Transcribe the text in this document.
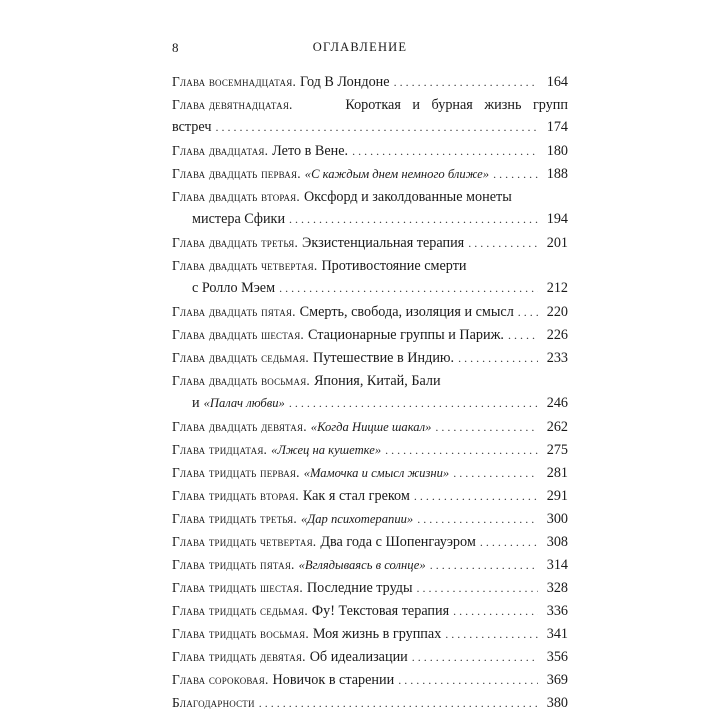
8	ОГЛАВЛЕНИЕ
Глава восемнадцатая. Год В Лондоне . . .	164
Глава девятнадцатая.	Короткая и бурная жизнь групп
встреч . . .	174
Глава двадцатая. Лето в Вене. . . .	180
Глава двадцать первая. «С каждым днем немного ближе» . . .	188
Глава двадцать вторая. Оксфорд и заколдованные монеты
мистера Сфики . . .	194
Глава двадцать третья. Экзистенциальная терапия . . .	201
Глава двадцать четвертая. Противостояние смерти
с Ролло Мэем . . .	212
Глава двадцать пятая. Смерть, свобода, изоляция и смысл . . .	220
Глава двадцать шестая. Стационарные группы и Париж. . . .	226
Глава двадцать седьмая. Путешествие в Индию. . . .	233
Глава двадцать восьмая. Япония, Китай, Бали
и «Палач любви» . . .	246
Глава двадцать девятая. «Когда Ницше шакал» . . .	262
Глава тридцатая. «Лжец на кушетке» . . .	275
Глава тридцать первая. «Мамочка и смысл жизни» . . .	281
Глава тридцать вторая. Как я стал греком . . .	291
Глава тридцать третья. «Дар психотерапии» . . .	300
Глава тридцать четвертая. Два года с Шопенгауэром . . .	308
Глава тридцать пятая. «Вглядываясь в солнце» . . .	314
Глава тридцать шестая. Последние труды . . .	328
Глава тридцать седьмая. Фу! Текстовая терапия . . .	336
Глава тридцать восьмая. Моя жизнь в группах . . .	341
Глава тридцать девятая. Об идеализации . . .	356
Глава сороковая. Новичок в старении . . .	369
Благодарности . . .	380
